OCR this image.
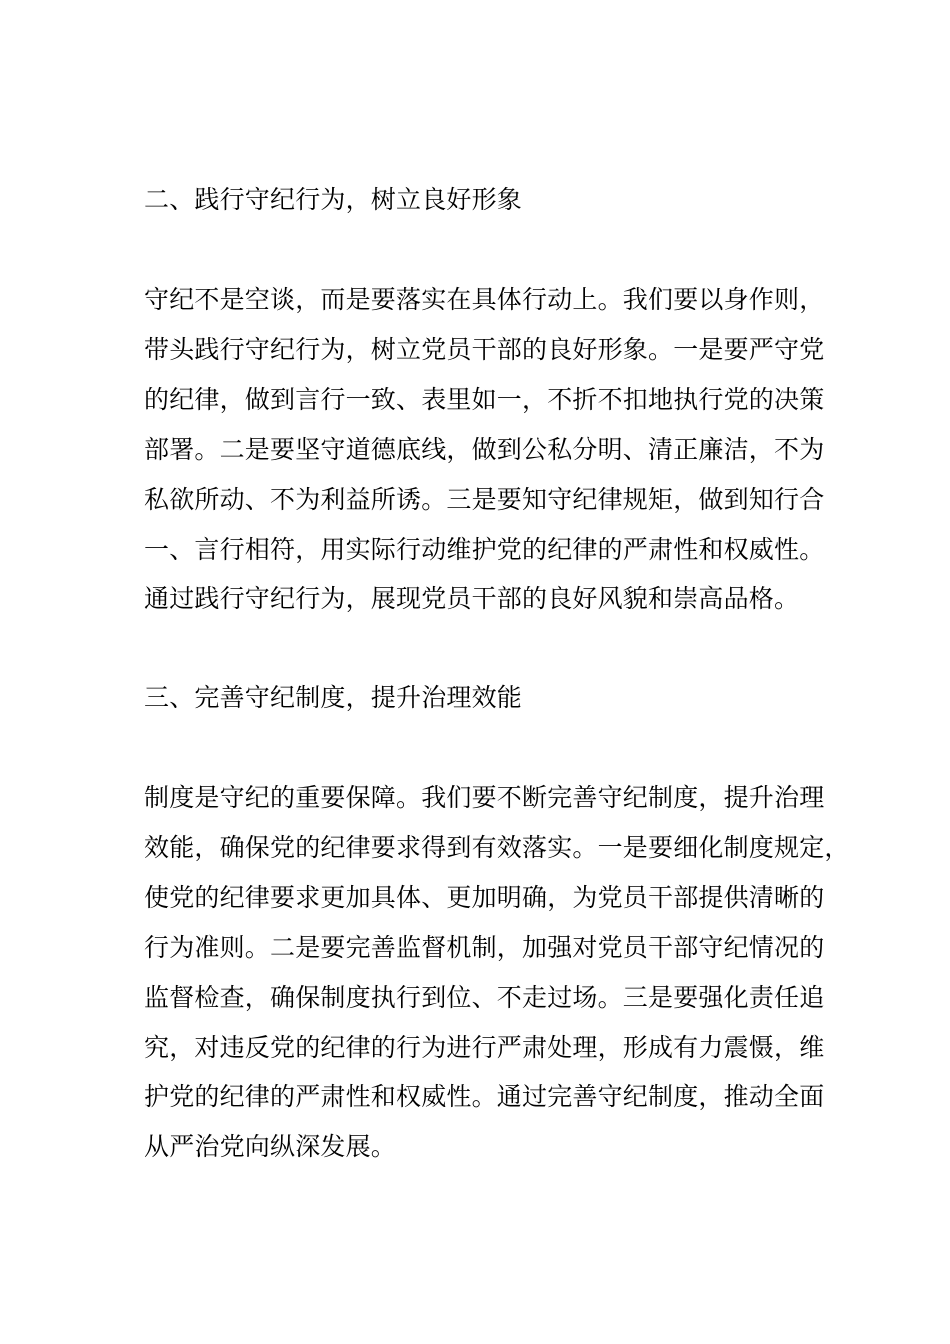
二、践行守纪行为，树立良好形象
守纪不是空谈，而是要落实在具体行动上。我们要以身作则，
带头践行守纪行为，树立党员干部的良好形象。一是要严守党
的纪律，做到言行一致、表里如一，不折不扣地执行党的决策
部署。二是要坚守道德底线，做到公私分明、清正廉洁，不为
私欲所动、不为利益所诱。三是要知守纪律规矩，做到知行合
一、言行相符，用实际行动维护党的纪律的严肃性和权威性。
通过践行守纪行为，展现党员干部的良好风貌和崇高品格。
三、完善守纪制度，提升治理效能
制度是守纪的重要保障。我们要不断完善守纪制度，提升治理
效能，确保党的纪律要求得到有效落实。一是要细化制度规定，
使党的纪律要求更加具体、更加明确，为党员干部提供清晰的
行为准则。二是要完善监督机制，加强对党员干部守纪情况的
监督检查，确保制度执行到位、不走过场。三是要强化责任追
究，对违反党的纪律的行为进行严肃处理，形成有力震慑，维
护党的纪律的严肃性和权威性。通过完善守纪制度，推动全面
从严治党向纵深发展。
